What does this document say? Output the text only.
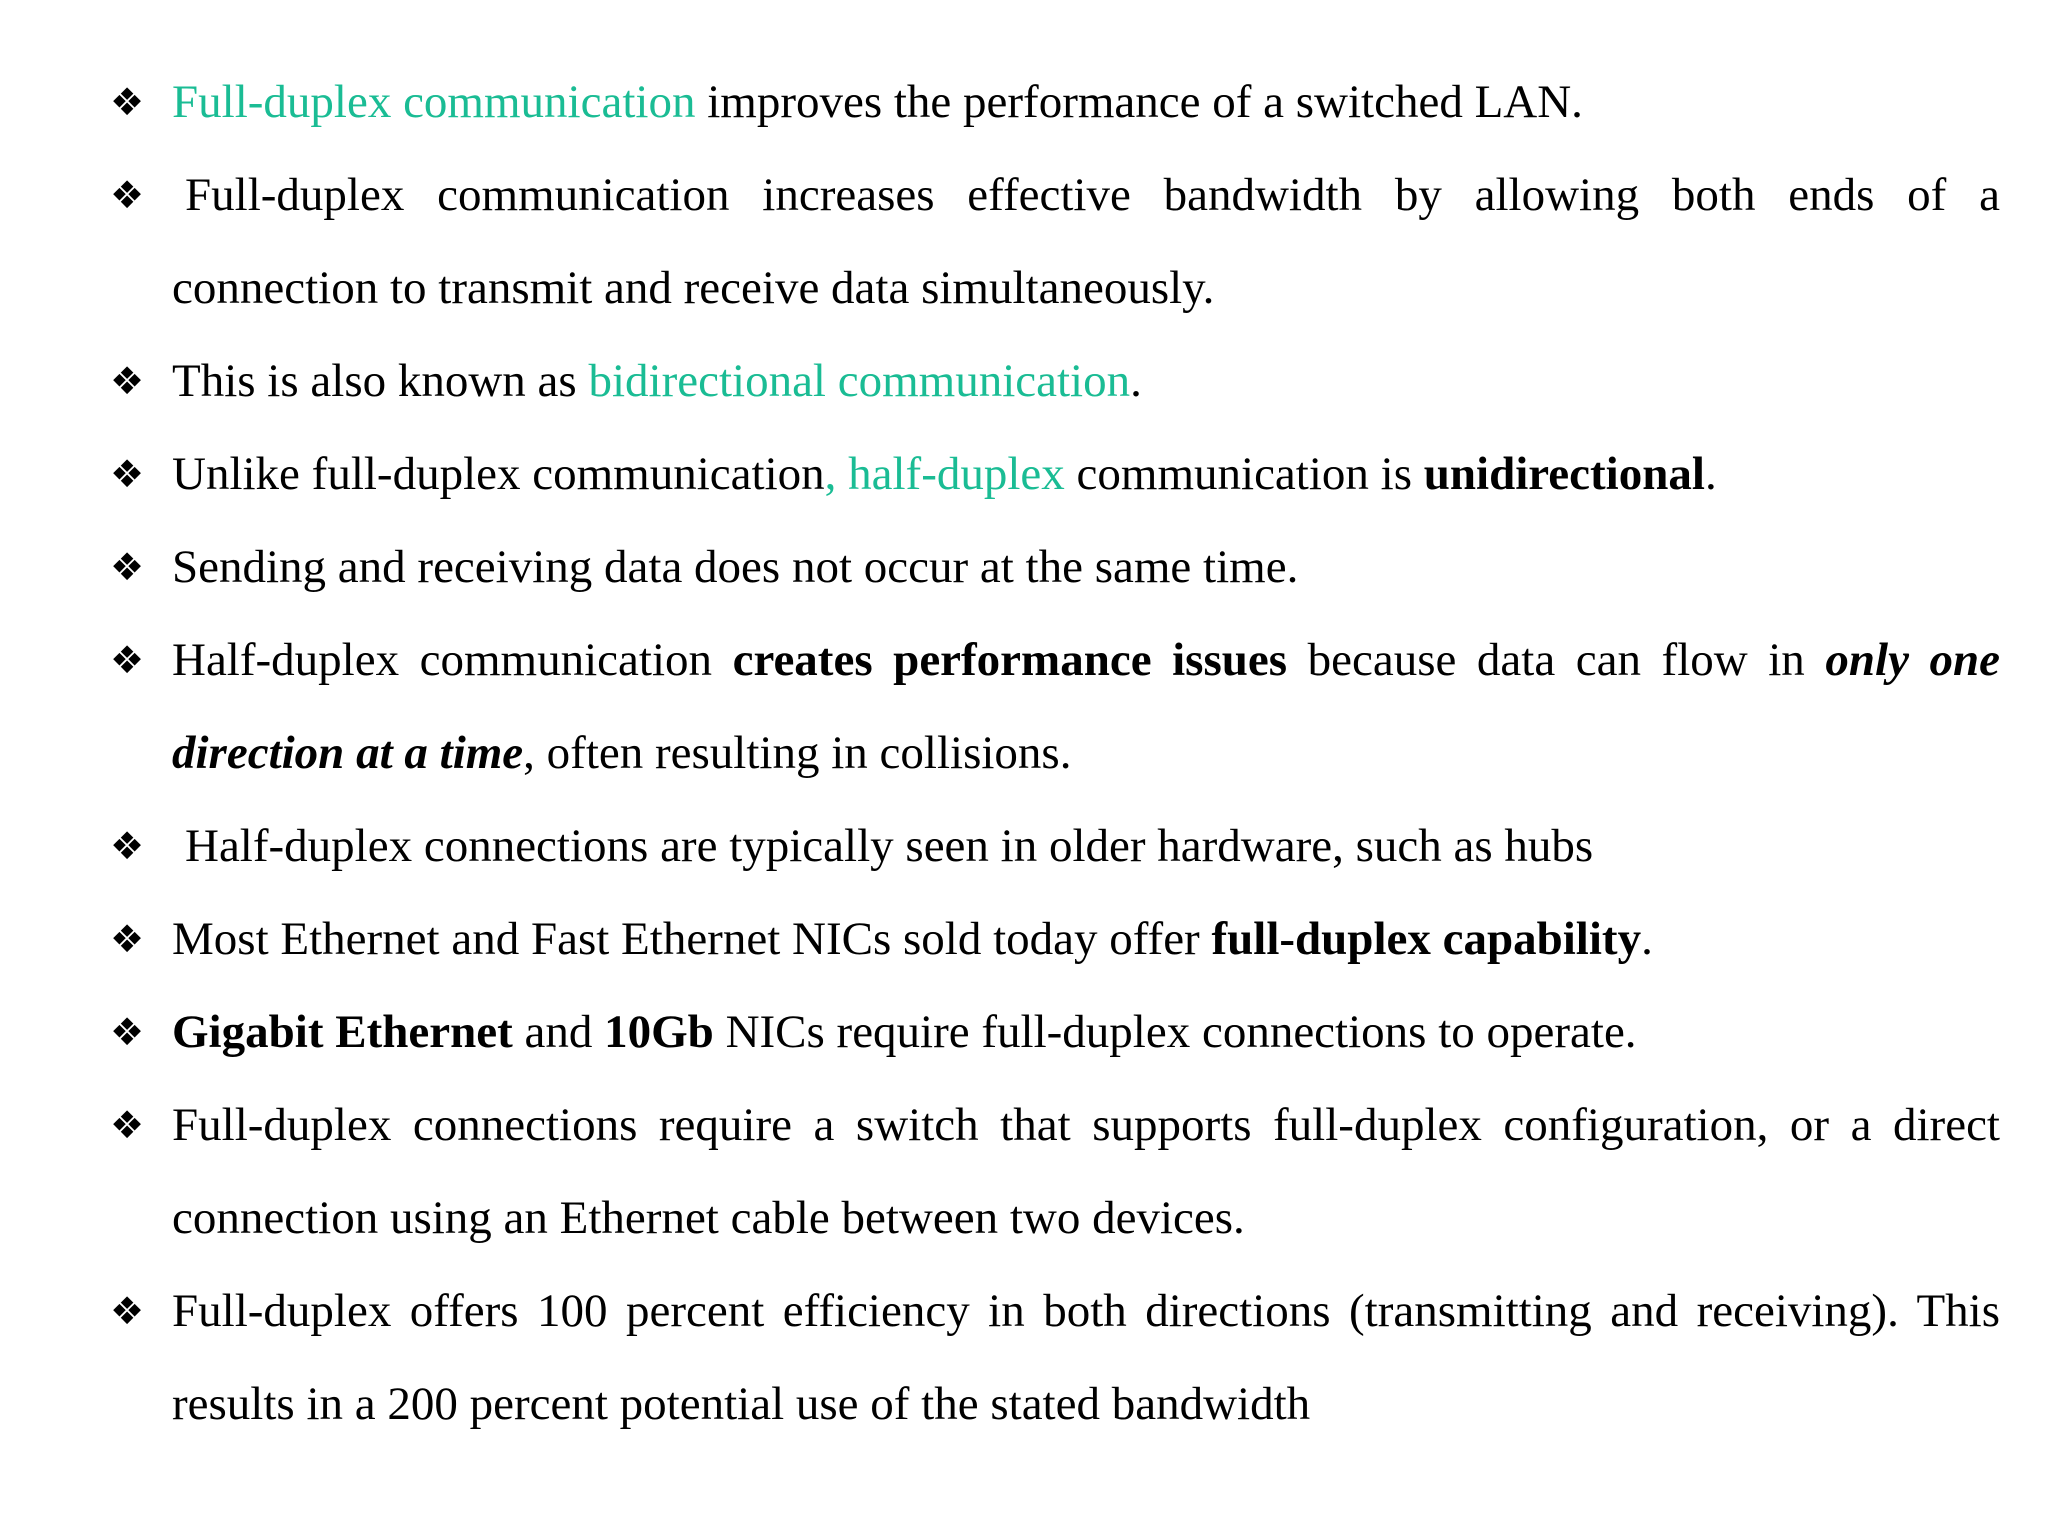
❖ Full-duplex communication improves the performance of a switched LAN.
❖ Full-duplex communication increases effective bandwidth by allowing both ends of a connection to transmit and receive data simultaneously.
❖ This is also known as bidirectional communication.
❖ Unlike full-duplex communication, half-duplex communication is unidirectional.
❖ Sending and receiving data does not occur at the same time.
❖ Half-duplex communication creates performance issues because data can flow in only one direction at a time, often resulting in collisions.
❖ Half-duplex connections are typically seen in older hardware, such as hubs
❖ Most Ethernet and Fast Ethernet NICs sold today offer full-duplex capability.
❖ Gigabit Ethernet and 10Gb NICs require full-duplex connections to operate.
❖ Full-duplex connections require a switch that supports full-duplex configuration, or a direct connection using an Ethernet cable between two devices.
❖ Full-duplex offers 100 percent efficiency in both directions (transmitting and receiving). This results in a 200 percent potential use of the stated bandwidth
